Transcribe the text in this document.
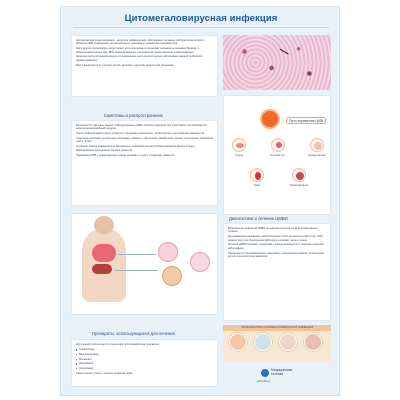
Цитомегаловирусная инфекция

Цитомегаловирусная инфекция – вирусное инфекционное заболевание человека, возбудителем которого является ЦМВ-подвидовой цитомегаловирус человека из семейства герпесвирусов.

Как и другие герпесвирусы вирус может жить всю жизнь в организме человека не вызывая болезни, у иммунокомпетентных лиц, ВИЧ-инфицированных, реципиентов трансплантатов, новорожденных.

Широкое распространение вируса и пожизненное носительство делает заболевание важной проблемой здравоохранения.

Вирус выделяется со слюной, мочой, молоком и другими жидкостями организма.

Симптомы и распространение

Большинство здоровых людей, инфицированных ЦМВ, болезнь переносят без симптомов, или развивается мононуклеозоподобный синдром.

После инфицирования вирус остается в организме пожизненно, активизируясь при снижении иммунитета.

Симптомы включают длительную лихорадку, слабость, увеличение лимфоузлов, печени и селезенки, поражение глаз и легких.

Особенно опасна инфекция для беременных: возможна внутриутробная передача вируса плоду и формирование врожденных пороков развития.

Поражение ЦМВ у новорожденных может вызывать глухоту и задержку развития.

Пути заражения ЦМВ
Слюна	Половой путь	Грудное молоко
Кровь	Трансплантация
Диагностика и лечение ЦМВИ

Большинство инфекций ЦМВИ не диагностируются из-за бессимптомного течения.

Для выявления применяют серологические тесты на антитела IgM и IgG, ПЦР-диагностику для обнаружения ДНК вируса в крови, моче и слюне.

Лечение ЦМВИ показано пациентам с иммунодефицитом и тяжелым течением заболевания.

Применяются противовирусные препараты, назначаемые врачом, длительным курсом под контролем анализов.

Препараты, использующиеся для лечения

Для лечения используются следующие противовирусные препараты:

Ганцикловир
Валганцикловир
Фоскарнет
Цидофовир
Летермовир

Самолечение опасно, лечение назначает врач.

ПРОФИЛАКТИКА ЦИТОМЕГАЛОВИРУСНОЙ ИНФЕКЦИИ
Медицинская
техника
AlmaMed
